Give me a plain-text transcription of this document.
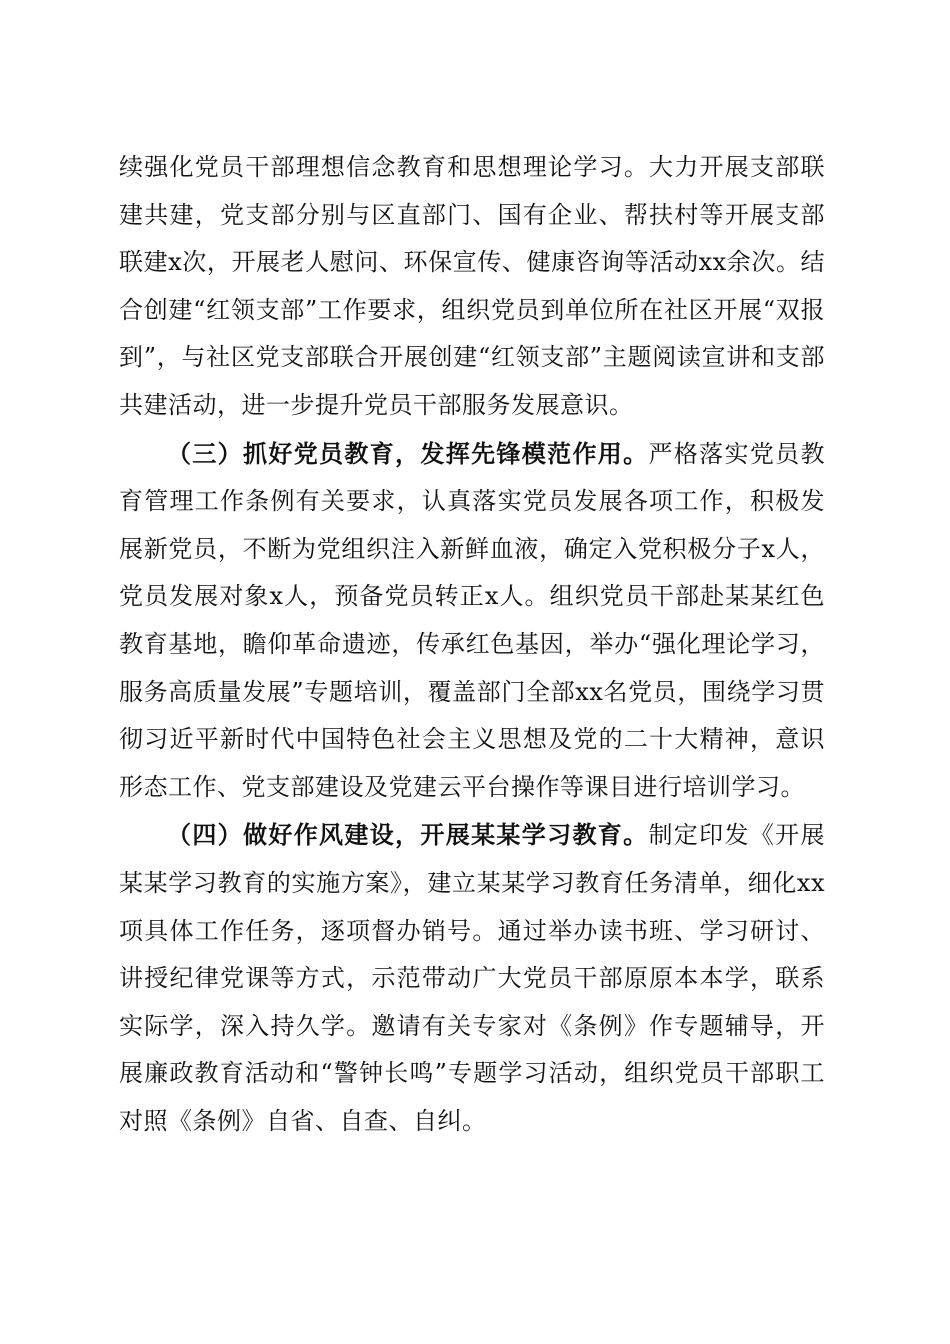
续强化党员干部理想信念教育和思想理论学习。大力开展支部联建共建，党支部分别与区直部门、国有企业、帮扶村等开展支部联建x次，开展老人慰问、环保宣传、健康咨询等活动xx余次。结合创建“红领支部”工作要求，组织党员到单位所在社区开展“双报到”，与社区党支部联合开展创建“红领支部”主题阅读宣讲和支部共建活动，进一步提升党员干部服务发展意识。

（三）抓好党员教育，发挥先锋模范作用。严格落实党员教育管理工作条例有关要求，认真落实党员发展各项工作，积极发展新党员，不断为党组织注入新鲜血液，确定入党积极分子x人，党员发展对象x人，预备党员转正x人。组织党员干部赴某某红色教育基地，瞻仰革命遗迹，传承红色基因，举办“强化理论学习，服务高质量发展”专题培训，覆盖部门全部xx名党员，围绕学习贯彻习近平新时代中国特色社会主义思想及党的二十大精神，意识形态工作、党支部建设及党建云平台操作等课目进行培训学习。

（四）做好作风建设，开展某某学习教育。制定印发《开展某某学习教育的实施方案》，建立某某学习教育任务清单，细化xx项具体工作任务，逐项督办销号。通过举办读书班、学习研讨、讲授纪律党课等方式，示范带动广大党员干部原原本本学，联系实际学，深入持久学。邀请有关专家对《条例》作专题辅导，开展廉政教育活动和“警钟长鸣”专题学习活动，组织党员干部职工对照《条例》自省、自查、自纠。
